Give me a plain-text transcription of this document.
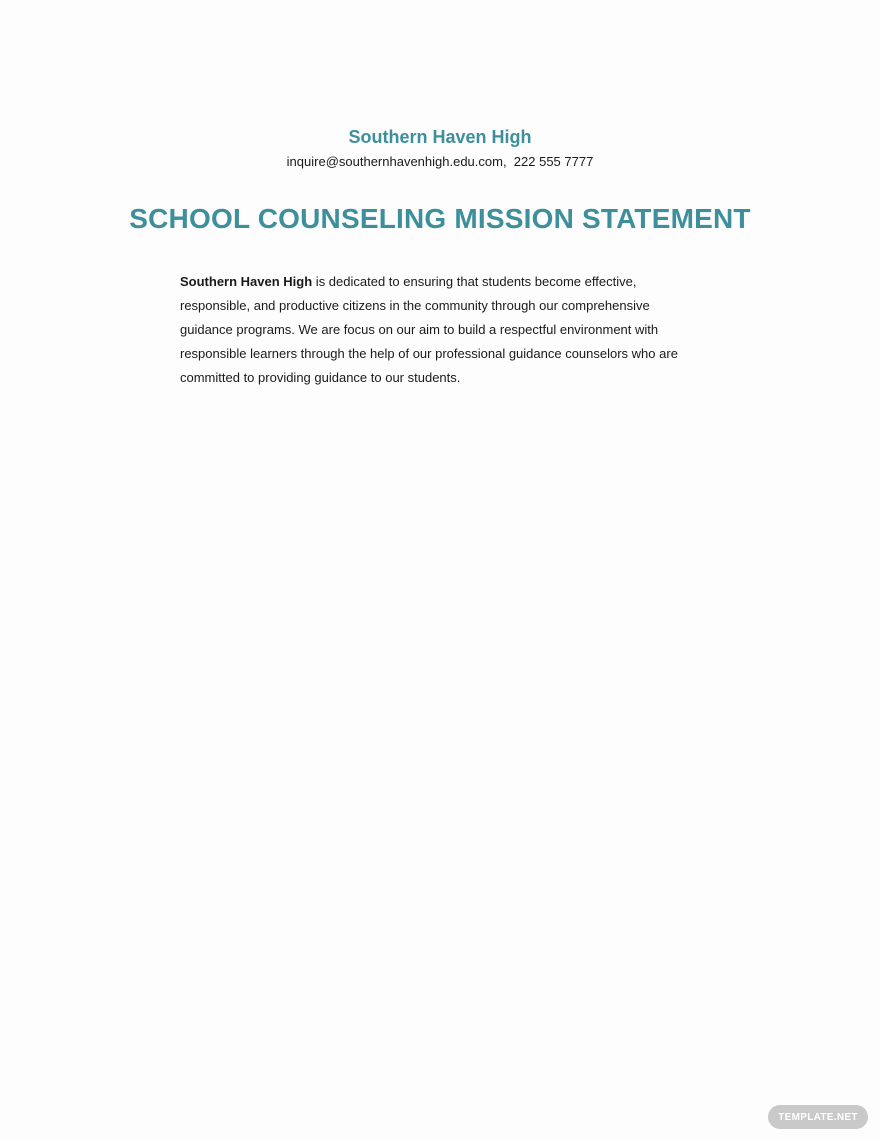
Southern Haven High
inquire@southernhavenhigh.edu.com,  222 555 7777
SCHOOL COUNSELING MISSION STATEMENT
Southern Haven High is dedicated to ensuring that students become effective, responsible, and productive citizens in the community through our comprehensive guidance programs. We are focus on our aim to build a respectful environment with responsible learners through the help of our professional guidance counselors who are committed to providing guidance to our students.
TEMPLATE.NET
